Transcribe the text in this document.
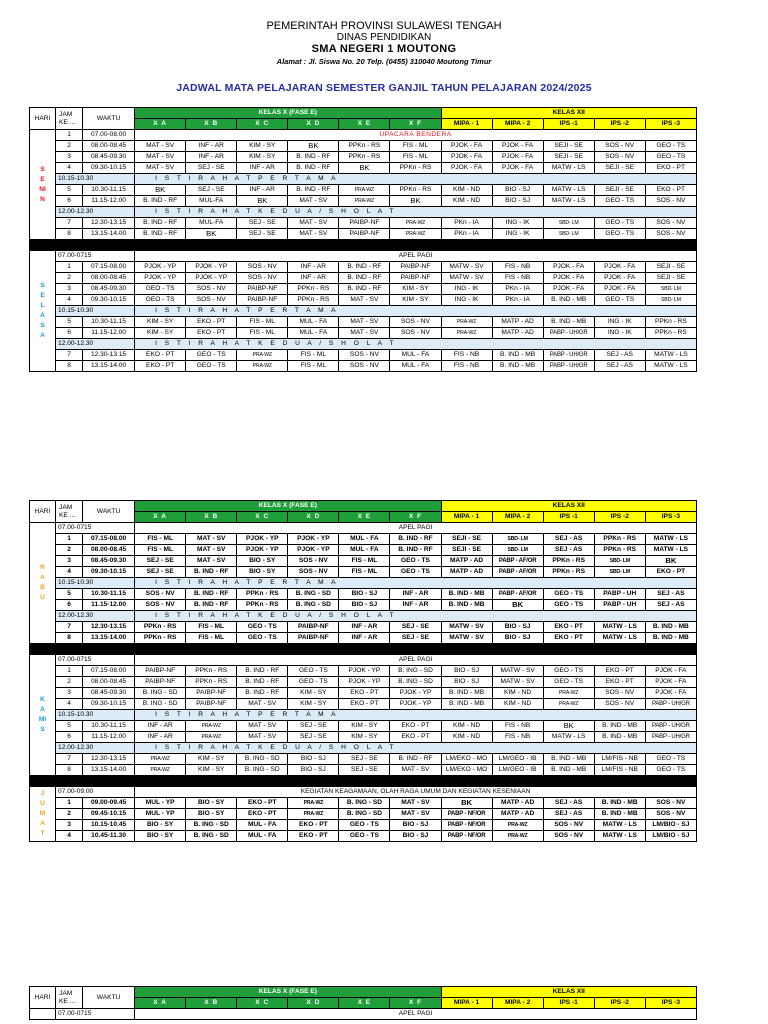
PEMERINTAH PROVINSI SULAWESI TENGAH
DINAS PENDIDIKAN
SMA NEGERI 1 MOUTONG
Alamat : Jl. Siswa No. 20 Telp. (0455) 310040 Moutong Timur
JADWAL MATA PELAJARAN SEMESTER GANJIL TAHUN PELAJARAN 2024/2025
HARI	JAM KE ...	WAKTU	KELAS X (FASE E)						KELAS XII				
			X A	X B	X C	X D	X E	X F	MIPA - 1	MIPA - 2	IPS -1	IPS -2	IPS -3
SENIN	1	07.00-08.00	UPACARA BENDERA										
	2	08.00-08.45	MAT - SV	INF - AR	KIM - SY	BK	PPKn - RS	FIS - ML	PJOK - FA	PJOK - FA	SEJI - SE	SOS - NV	GEO - TS
	3	08.45-09.30	MAT - SV	INF - AR	KIM - SY	B. IND - RF	PPKn - RS	FIS - ML	PJOK - FA	PJOK - FA	SEJI - SE	SOS - NV	GEO - TS
	4	09.30-10.15	MAT - SV	SEJ - SE	INF - AR	B. IND - RF	BK	PPKn - RS	PJOK - FA	PJOK - FA	MATW - LS	SEJI - SE	EKO - PT
	10.15-10.30		I S T I R A H A T P E R T A M A										
	5	10.30-11.15	BK	SEJ - SE	INF - AR	B. IND - RF	PRA-WZ	PPKn - RS	KIM - ND	BIO - SJ	MATW - LS	SEJI - SE	EKO - PT
	6	11.15-12.00	B. IND - RF	MUL-FA	BK	MAT - SV	PRA-WZ	BK	KIM - ND	BIO - SJ	MATW - LS	GEO - TS	SOS - NV
	12.00-12.30		I S T I R A H A T K E D U A / S H O L A T										
	7	12.30-13.15	B. IND - RF	MUL-FA	SEJ - SE	MAT - SV	PAIBP-NF	PRA-WZ	PKn - IA	ING - IK	SBD- LM	GEO - TS	SOS - NV
	8	13.15-14.00	B. IND - RF	BK	SEJ - SE	MAT - SV	PAIBP-NF	PRA-WZ	PKn - IA	ING - IK	SBD- LM	GEO - TS	SOS - NV

SELASA	07.00-0715		APEL PAGI										
	1	07.15-08.00	PJOK - YP	PJOK - YP	SOS - NV	INF - AR	B. IND - RF	PAIBP-NF	MATW - SV	FIS - NB	PJOK - FA	PJOK - FA	SEJI - SE
	2	08.00-08.45	PJOK - YP	PJOK - YP	SOS - NV	INF - AR	B. IND - RF	PAIBP-NF	MATW - SV	FIS - NB	PJOK - FA	PJOK - FA	SEJI - SE
	3	08.45-09.30	GEO - TS	SOS - NV	PAIBP-NF	PPKn - RS	B. IND - RF	KIM - SY	ING - IK	PKn - IA	PJOK - FA	PJOK - FA	SBD- LM
	4	09.30-10.15	GEO - TS	SOS - NV	PAIBP-NF	PPKn - RS	MAT - SV	KIM - SY	ING - IK	PKn - IA	B. IND - MB	GEO - TS	SBD- LM
	10.15-10.30		I S T I R A H A T P E R T A M A										
	5	10.30-11.15	KIM - SY	EKO - PT	FIS - ML	MUL - FA	MAT - SV	SOS - NV	PRA-WZ	MATP - AD	B. IND - MB	ING - IK	PPKn - RS
	6	11.15-12.00	KIM - SY	EKO - PT	FIS - ML	MUL - FA	MAT - SV	SOS - NV	PRA-WZ	MATP - AD	PABP - UH/GR	ING - IK	PPKn - RS
	12.00-12.30		I S T I R A H A T K E D U A / S H O L A T										
	7	12.30-13.15	EKO - PT	GEO - TS	PRA-WZ	FIS - ML	SOS - NV	MUL - FA	FIS - NB	B. IND - MB	PABP - UH/GR	SEJ - AS	MATW - LS
	8	13.15-14.00	EKO - PT	GEO - TS	PRA-WZ	FIS - ML	SOS - NV	MUL - FA	FIS - NB	B. IND - MB	PABP - UH/GR	SEJ - AS	MATW - LS
HARI	JAM KE ...	WAKTU	KELAS X (FASE E)						KELAS XII				
			X A	X B	X C	X D	X E	X F	MIPA - 1	MIPA - 2	IPS -1	IPS -2	IPS -3
RABU	07.00-0715		APEL PAGI										
	1	07.15-08.00	FIS - ML	MAT - SV	PJOK - YP	PJOK - YP	MUL - FA	B. IND - RF	SEJI - SE	SBD- LM	SEJ - AS	PPKn - RS	MATW - LS
	2	08.00-08.45	FIS - ML	MAT - SV	PJOK - YP	PJOK - YP	MUL - FA	B. IND - RF	SEJI - SE	SBD- LM	SEJ - AS	PPKn - RS	MATW - LS
	3	08.45-09.30	SEJ - SE	MAT - SV	BIO - SY	SOS - NV	FIS - ML	GEO - TS	MATP - AD	PABP - AF/OR	PPKn - RS	SBD- LM	BK
	4	09.30-10.15	SEJ - SE	B. IND - RF	BIO - SY	SOS - NV	FIS - ML	GEO - TS	MATP - AD	PABP - AF/OR	PPKn - RS	SBD- LM	EKO - PT
	10.15-10.30		I S T I R A H A T P E R T A M A										
	5	10.30-11.15	SOS - NV	B. IND - RF	PPKn - RS	B. ING - SD	BIO - SJ	INF - AR	B. IND - MB	PABP - AF/OR	GEO - TS	PABP - UH	SEJ - AS
	6	11.15-12.00	SOS - NV	B. IND - RF	PPKn - RS	B. ING - SD	BIO - SJ	INF - AR	B. IND - MB	BK	GEO - TS	PABP - UH	SEJ - AS
	12.00-12.30		I S T I R A H A T K E D U A / S H O L A T										
	7	12.30-13.15	PPKn - RS	FIS - ML	GEO - TS	PAIBP-NF	INF - AR	SEJ - SE	MATW - SV	BIO - SJ	EKO - PT	MATW - LS	B. IND - MB
	8	13.15-14.00	PPKn - RS	FIS - ML	GEO - TS	PAIBP-NF	INF - AR	SEJ - SE	MATW - SV	BIO - SJ	EKO - PT	MATW - LS	B. IND - MB

KAMIS	07.00-0715		APEL PAGI										
	1	07.15-08.00	PAIBP-NF	PPKn - RS	B. IND - RF	GEO - TS	PJOK - YP	B. ING - SD	BIO - SJ	MATW - SV	GEO - TS	EKO - PT	PJOK - FA
	2	08.00-08.45	PAIBP-NF	PPKn - RS	B. IND - RF	GEO - TS	PJOK - YP	B. ING - SD	BIO - SJ	MATW - SV	GEO - TS	EKO - PT	PJOK - FA
	3	08.45-09.30	B. ING - SD	PAIBP-NF	B. IND - RF	KIM - SY	EKO - PT	PJOK - YP	B. IND - MB	KIM - ND	PRA-WZ	SOS - NV	PJOK - FA
	4	09.30-10.15	B. ING - SD	PAIBP-NF	MAT - SV	KIM - SY	EKO - PT	PJOK - YP	B. IND - MB	KIM - ND	PRA-WZ	SOS - NV	PABP - UH/GR
	10.15-10.30		I S T I R A H A T P E R T A M A										
	5	10.30-11.15	INF - AR	PRA-WZ	MAT - SV	SEJ - SE	KIM - SY	EKO - PT	KIM - ND	FIS - NB	BK	B. IND - MB	PABP - UH/GR
	6	11.15-12.00	INF - AR	PRA-WZ	MAT - SV	SEJ - SE	KIM - SY	EKO - PT	KIM - ND	FIS - NB	MATW - LS	B. IND - MB	PABP - UH/GR
	12.00-12.30		I S T I R A H A T K E D U A / S H O L A T										
	7	12.30-13.15	PRA-WZ	KIM - SY	B. ING - SD	BIO - SJ	SEJ - SE	B. IND - RF	LM/EKO - MO	LM/GEO - IB	B. IND - MB	LM/FIS - NB	GEO - TS
	8	13.15-14.00	PRA-WZ	KIM - SY	B. ING - SD	BIO - SJ	SEJ - SE	MAT - SV	LM/EKO - MO	LM/GEO - IB	B. IND - MB	LM/FIS - NB	GEO - TS

JUMAT	07.00-09.00		KEGIATAN KEAGAMAAN, OLAH RAGA UMUM DAN KEGIATAN KESENIAAN										
	1	09.00-09.45	MUL - YP	BIO - SY	EKO - PT	PRA-WZ	B. ING - SD	MAT - SV	BK	MATP - AD	SEJ - AS	B. IND - MB	SOS - NV
	2	09.45-10.15	MUL - YP	BIO - SY	EKO - PT	PRA-WZ	B. ING - SD	MAT - SV	PABP - NF/OR	MATP - AD	SEJ - AS	B. IND - MB	SOS - NV
	3	10.15-10.45	BIO - SY	B. ING - SD	MUL - FA	EKO - PT	GEO - TS	BIO - SJ	PABP - NF/OR	PRA-WZ	SOS - NV	MATW - LS	LM/BIO - SJ
	4	10.45-11.30	BIO - SY	B. ING - SD	MUL - FA	EKO - PT	GEO - TS	BIO - SJ	PABP - NF/OR	PRA-WZ	SOS - NV	MATW - LS	LM/BIO - SJ
HARI	JAM KE ...	WAKTU	KELAS X (FASE E)						KELAS XII				
			X A	X B	X C	X D	X E	X F	MIPA - 1	MIPA - 2	IPS -1	IPS -2	IPS -3
	07.00-0715		APEL PAGI										
